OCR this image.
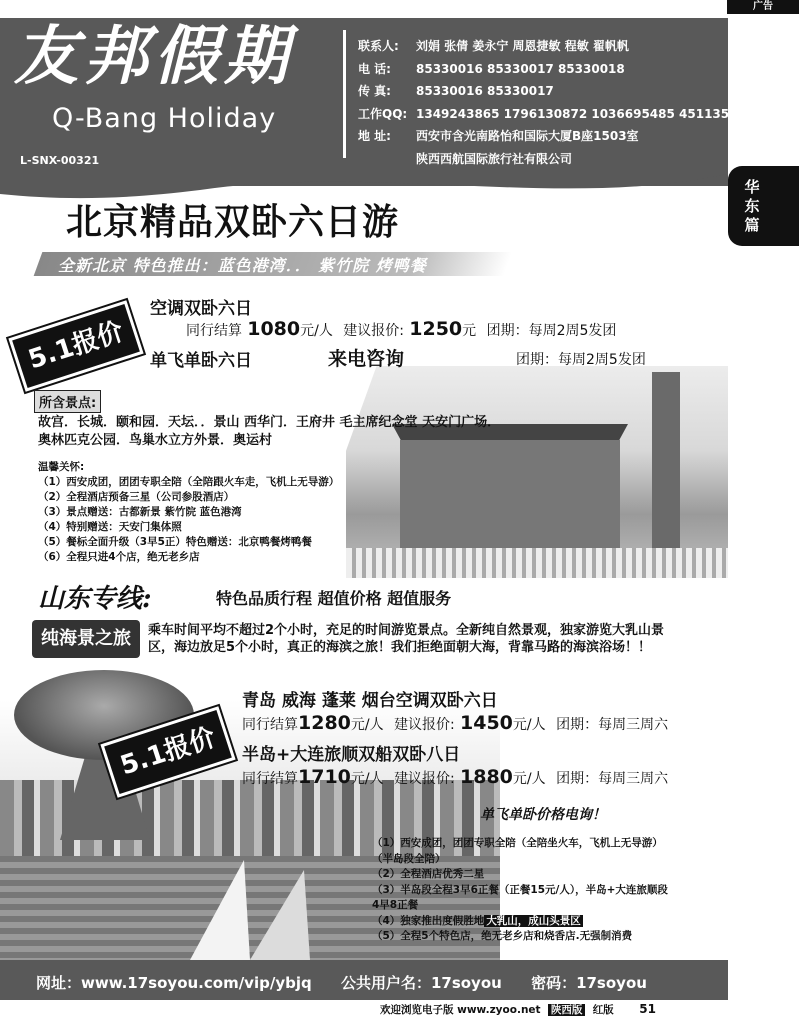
广告
友邦假期
Q-Bang Holiday
L-SNX-00321
联系人: 刘娟 张倩 姜永宁 周恩捷敏 程敏 翟帆帆
电 话: 85330016 85330017 85330018
传 真: 85330016 85330017
工作QQ: 1349243865 1796130872 1036695485 451135756
地 址: 西安市含光南路怡和国际大厦B座1503室
陕西西航国际旅行社有限公司
华东篇
北京精品双卧六日游
全新北京 特色推出：蓝色港湾．． 紫竹院 烤鸭餐
5.1报价
空调双卧六日
同行结算 1080元/人 建议报价: 1250元 团期：每周2周5发团
单飞单卧六日	来电咨询	团期：每周2周5发团
所含景点:
故宫．长城．颐和园．天坛．．景山 西华门．王府井 毛主席纪念堂 天安门广场．
奥林匹克公园．鸟巢水立方外景．奥运村
温馨关怀:
（1）西安成团，团团专职全陪（全陪跟火车走，飞机上无导游）
（2）全程酒店预备三星（公司参股酒店）
（3）景点赠送：古都新景 紫竹院 蓝色港湾
（4）特别赠送：天安门集体照
（5）餐标全面升级（3早5正）特色赠送：北京鸭餐烤鸭餐
（6）全程只进4个店，绝无老乡店
山东专线:	特色品质行程 超值价格 超值服务
纯海景之旅	乘车时间平均不超过2个小时，充足的时间游览景点。全新纯自然景观，独家游览大乳山景区，海边放足5个小时，真正的海滨之旅！我们拒绝面朝大海，背靠马路的海滨浴场！！
5.1报价
青岛 威海 蓬莱 烟台空调双卧六日
同行结算1280元/人 建议报价: 1450元/人 团期：每周三周六
半岛+大连旅顺双船双卧八日
同行结算1710元/人 建议报价: 1880元/人 团期：每周三周六
单飞单卧价格电询！
（1）西安成团，团团专职全陪（全陪坐火车，飞机上无导游）
（半岛段全陪）
（2）全程酒店优秀二星
（3）半岛段全程3早6正餐（正餐15元/人），半岛+大连旅顺段
4早8正餐
（4）独家推出度假胜地 大乳山，成山头景区
（5）全程5个特色店，绝无老乡店和烧香店.无强制消费
网址：www.17soyou.com/vip/ybjq 公共用户名：17soyou 密码：17soyou
欢迎浏览电子版 www.zyoo.net 陕西版 红版 51
